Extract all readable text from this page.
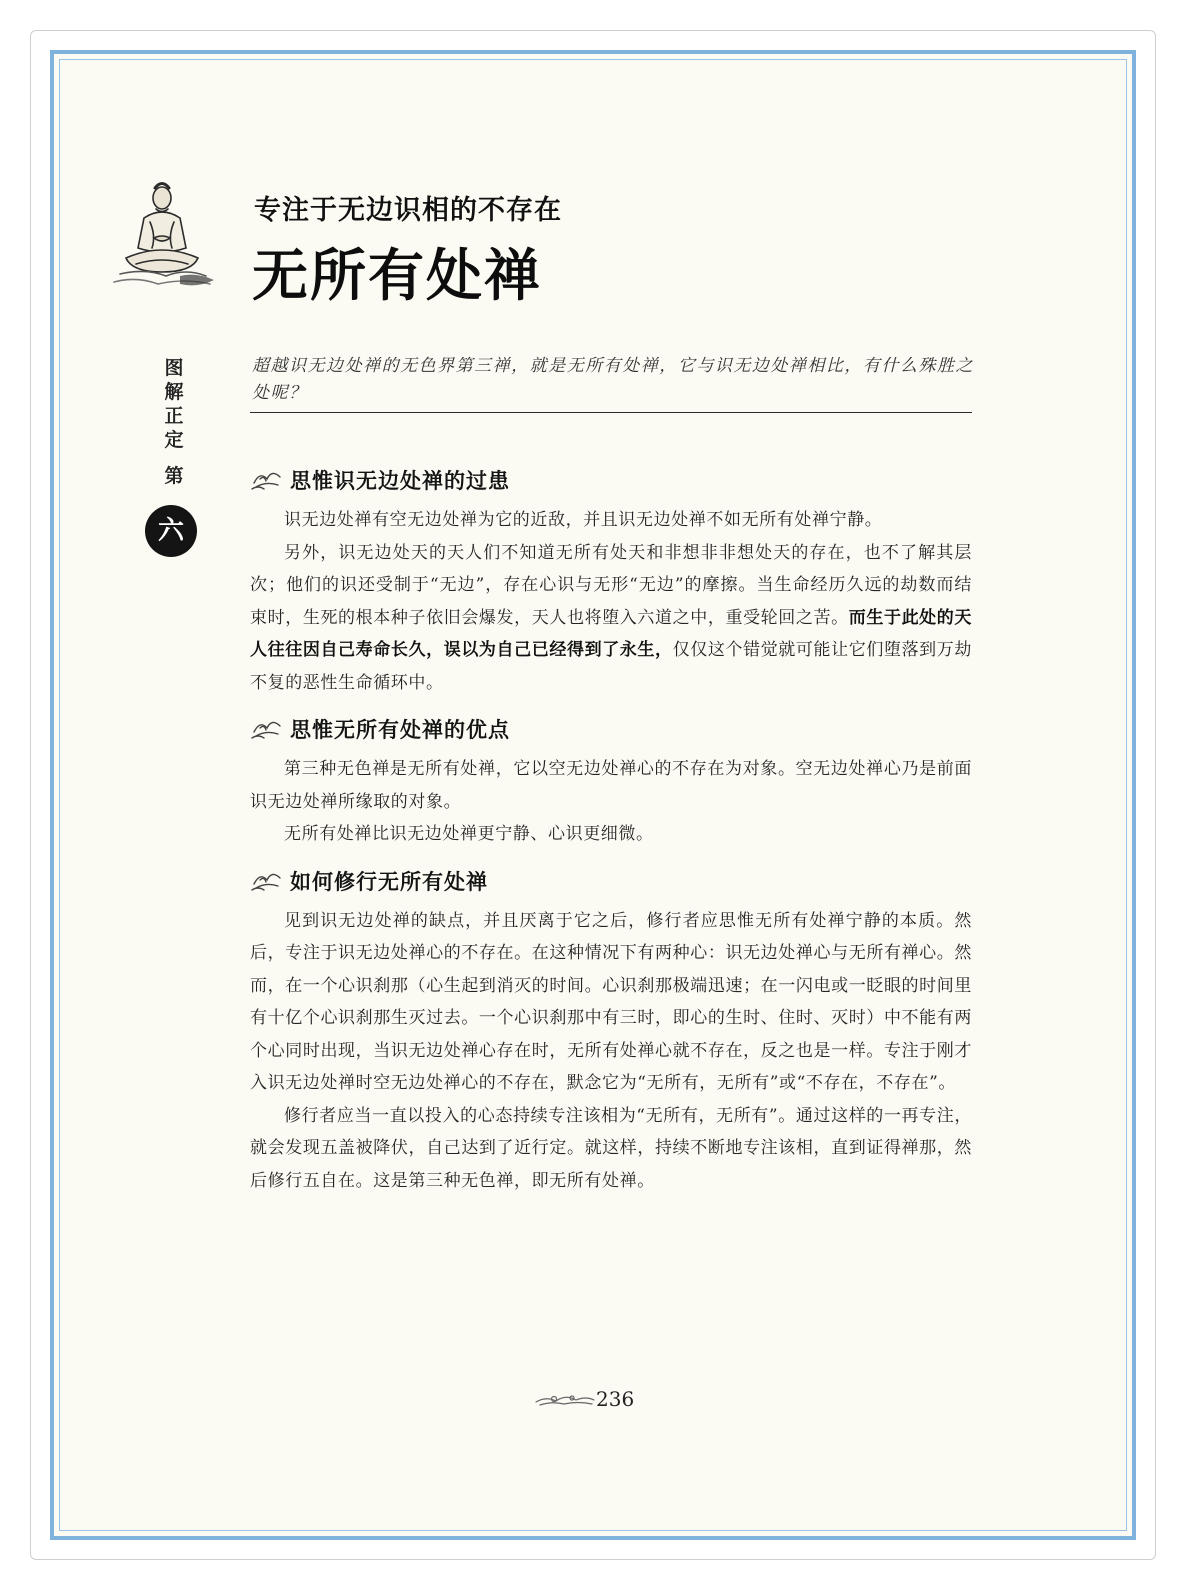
图
解
正
定
第
六
专注于无边识相的不存在
无所有处禅

超越识无边处禅的无色界第三禅，就是无所有处禅，它与识无边处禅相比，有什么殊胜之处呢？

思惟识无边处禅的过患

识无边处禅有空无边处禅为它的近敌，并且识无边处禅不如无所有处禅宁静。

另外，识无边处天的天人们不知道无所有处天和非想非非想处天的存在，也不了解其层次；他们的识还受制于“无边”，存在心识与无形“无边”的摩擦。当生命经历久远的劫数而结束时，生死的根本种子依旧会爆发，天人也将堕入六道之中，重受轮回之苦。而生于此处的天人往往因自己寿命长久，误以为自己已经得到了永生，仅仅这个错觉就可能让它们堕落到万劫不复的恶性生命循环中。

思惟无所有处禅的优点

第三种无色禅是无所有处禅，它以空无边处禅心的不存在为对象。空无边处禅心乃是前面识无边处禅所缘取的对象。

无所有处禅比识无边处禅更宁静、心识更细微。

如何修行无所有处禅

见到识无边处禅的缺点，并且厌离于它之后，修行者应思惟无所有处禅宁静的本质。然后，专注于识无边处禅心的不存在。在这种情况下有两种心：识无边处禅心与无所有禅心。然而，在一个心识刹那（心生起到消灭的时间。心识刹那极端迅速；在一闪电或一眨眼的时间里有十亿个心识刹那生灭过去。一个心识刹那中有三时，即心的生时、住时、灭时）中不能有两个心同时出现，当识无边处禅心存在时，无所有处禅心就不存在，反之也是一样。专注于刚才入识无边处禅时空无边处禅心的不存在，默念它为“无所有，无所有”或“不存在，不存在”。

修行者应当一直以投入的心态持续专注该相为“无所有，无所有”。通过这样的一再专注，就会发现五盖被降伏，自己达到了近行定。就这样，持续不断地专注该相，直到证得禅那，然后修行五自在。这是第三种无色禅，即无所有处禅。

236
